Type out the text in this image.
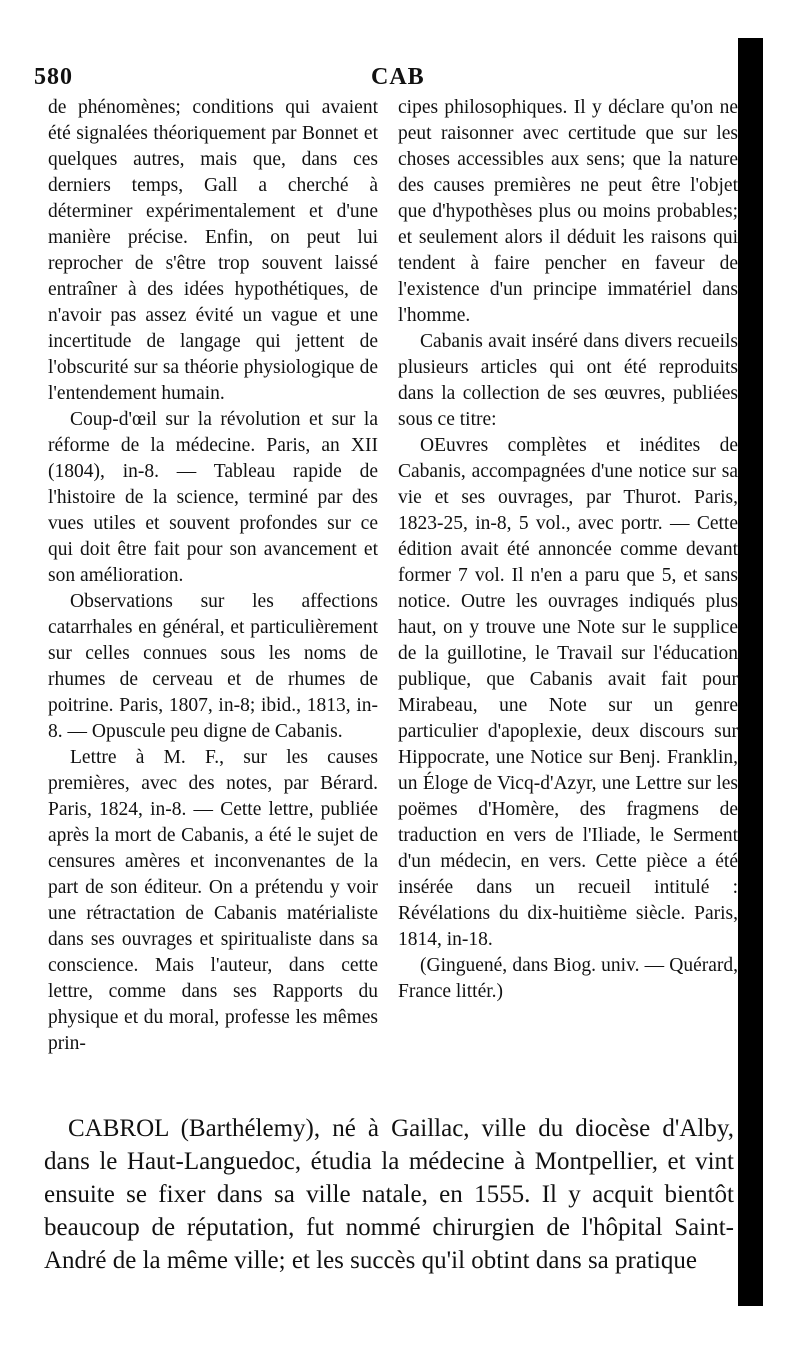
580	CAB

de phénomènes; conditions qui avaient été signalées théoriquement par Bonnet et quelques autres, mais que, dans ces derniers temps, Gall a cherché à déterminer expérimentalement et d'une manière précise. Enfin, on peut lui reprocher de s'être trop souvent laissé entraîner à des idées hypothétiques, de n'avoir pas assez évité un vague et une incertitude de langage qui jettent de l'obscurité sur sa théorie physiologique de l'entendement humain.

Coup-d'œil sur la révolution et sur la réforme de la médecine. Paris, an XII (1804), in-8. — Tableau rapide de l'histoire de la science, terminé par des vues utiles et souvent profondes sur ce qui doit être fait pour son avancement et son amélioration.

Observations sur les affections catarrhales en général, et particulièrement sur celles connues sous les noms de rhumes de cerveau et de rhumes de poitrine. Paris, 1807, in-8; ibid., 1813, in-8. — Opuscule peu digne de Cabanis.

Lettre à M. F., sur les causes premières, avec des notes, par Bérard. Paris, 1824, in-8. — Cette lettre, publiée après la mort de Cabanis, a été le sujet de censures amères et inconvenantes de la part de son éditeur. On a prétendu y voir une rétractation de Cabanis matérialiste dans ses ouvrages et spiritualiste dans sa conscience. Mais l'auteur, dans cette lettre, comme dans ses Rapports du physique et du moral, professe les mêmes prin-

cipes philosophiques. Il y déclare qu'on ne peut raisonner avec certitude que sur les choses accessibles aux sens; que la nature des causes premières ne peut être l'objet que d'hypothèses plus ou moins probables; et seulement alors il déduit les raisons qui tendent à faire pencher en faveur de l'existence d'un principe immatériel dans l'homme.

Cabanis avait inséré dans divers recueils plusieurs articles qui ont été reproduits dans la collection de ses œuvres, publiées sous ce titre:

OEuvres complètes et inédites de Cabanis, accompagnées d'une notice sur sa vie et ses ouvrages, par Thurot. Paris, 1823-25, in-8, 5 vol., avec portr. — Cette édition avait été annoncée comme devant former 7 vol. Il n'en a paru que 5, et sans notice. Outre les ouvrages indiqués plus haut, on y trouve une Note sur le supplice de la guillotine, le Travail sur l'éducation publique, que Cabanis avait fait pour Mirabeau, une Note sur un genre particulier d'apoplexie, deux discours sur Hippocrate, une Notice sur Benj. Franklin, un Éloge de Vicq-d'Azyr, une Lettre sur les poëmes d'Homère, des fragmens de traduction en vers de l'Iliade, le Serment d'un médecin, en vers. Cette pièce a été insérée dans un recueil intitulé : Révélations du dix-huitième siècle. Paris, 1814, in-18.

(Ginguené, dans Biog. univ. — Quérard, France littér.)

CABROL (Barthélemy), né à Gaillac, ville du diocèse d'Alby, dans le Haut-Languedoc, étudia la médecine à Montpellier, et vint ensuite se fixer dans sa ville natale, en 1555. Il y acquit bientôt beaucoup de réputation, fut nommé chirurgien de l'hôpital Saint-André de la même ville; et les succès qu'il obtint dans sa pratique
